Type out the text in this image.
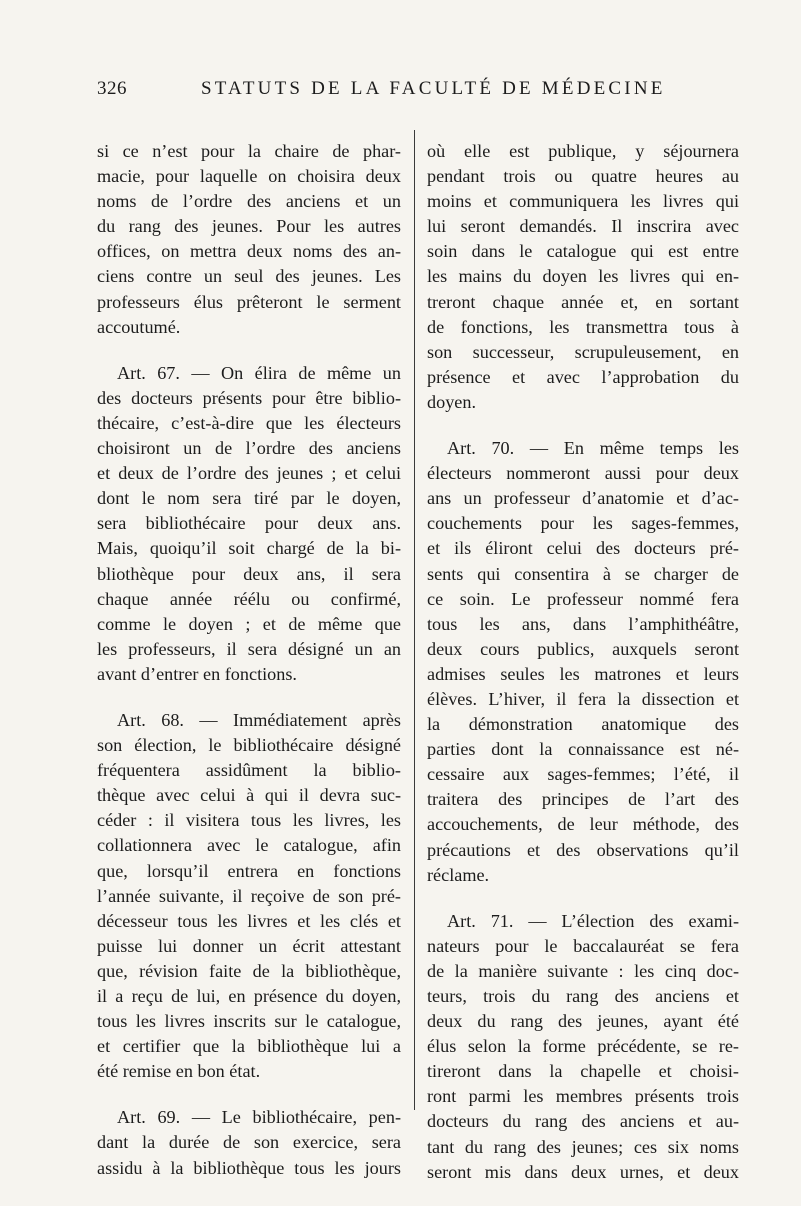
326	STATUTS DE LA FACULTÉ DE MÉDECINE

si ce n’est pour la chaire de phar-
macie, pour laquelle on choisira deux
noms de l’ordre des anciens et un
du rang des jeunes. Pour les autres
offices, on mettra deux noms des an-
ciens contre un seul des jeunes. Les
professeurs élus prêteront le serment
accoutumé.

Art. 67. — On élira de même un
des docteurs présents pour être biblio-
thécaire, c’est-à-dire que les électeurs
choisiront un de l’ordre des anciens
et deux de l’ordre des jeunes ; et celui
dont le nom sera tiré par le doyen,
sera bibliothécaire pour deux ans.
Mais, quoiqu’il soit chargé de la bi-
bliothèque pour deux ans, il sera
chaque année réélu ou confirmé,
comme le doyen ; et de même que
les professeurs, il sera désigné un an
avant d’entrer en fonctions.

Art. 68. — Immédiatement après
son élection, le bibliothécaire désigné
fréquentera assidûment la biblio-
thèque avec celui à qui il devra suc-
céder : il visitera tous les livres, les
collationnera avec le catalogue, afin
que, lorsqu’il entrera en fonctions
l’année suivante, il reçoive de son pré-
décesseur tous les livres et les clés et
puisse lui donner un écrit attestant
que, révision faite de la bibliothèque,
il a reçu de lui, en présence du doyen,
tous les livres inscrits sur le catalogue,
et certifier que la bibliothèque lui a
été remise en bon état.

Art. 69. — Le bibliothécaire, pen-
dant la durée de son exercice, sera
assidu à la bibliothèque tous les jours

où elle est publique, y séjournera
pendant trois ou quatre heures au
moins et communiquera les livres qui
lui seront demandés. Il inscrira avec
soin dans le catalogue qui est entre
les mains du doyen les livres qui en-
treront chaque année et, en sortant
de fonctions, les transmettra tous à
son successeur, scrupuleusement, en
présence et avec l’approbation du
doyen.

Art. 70. — En même temps les
électeurs nommeront aussi pour deux
ans un professeur d’anatomie et d’ac-
couchements pour les sages-femmes,
et ils éliront celui des docteurs pré-
sents qui consentira à se charger de
ce soin. Le professeur nommé fera
tous les ans, dans l’amphithéâtre,
deux cours publics, auxquels seront
admises seules les matrones et leurs
élèves. L’hiver, il fera la dissection et
la démonstration anatomique des
parties dont la connaissance est né-
cessaire aux sages-femmes; l’été, il
traitera des principes de l’art des
accouchements, de leur méthode, des
précautions et des observations qu’il
réclame.

Art. 71. — L’élection des exami-
nateurs pour le baccalauréat se fera
de la manière suivante : les cinq doc-
teurs, trois du rang des anciens et
deux du rang des jeunes, ayant été
élus selon la forme précédente, se re-
tireront dans la chapelle et choisi-
ront parmi les membres présents trois
docteurs du rang des anciens et au-
tant du rang des jeunes; ces six noms
seront mis dans deux urnes, et deux
